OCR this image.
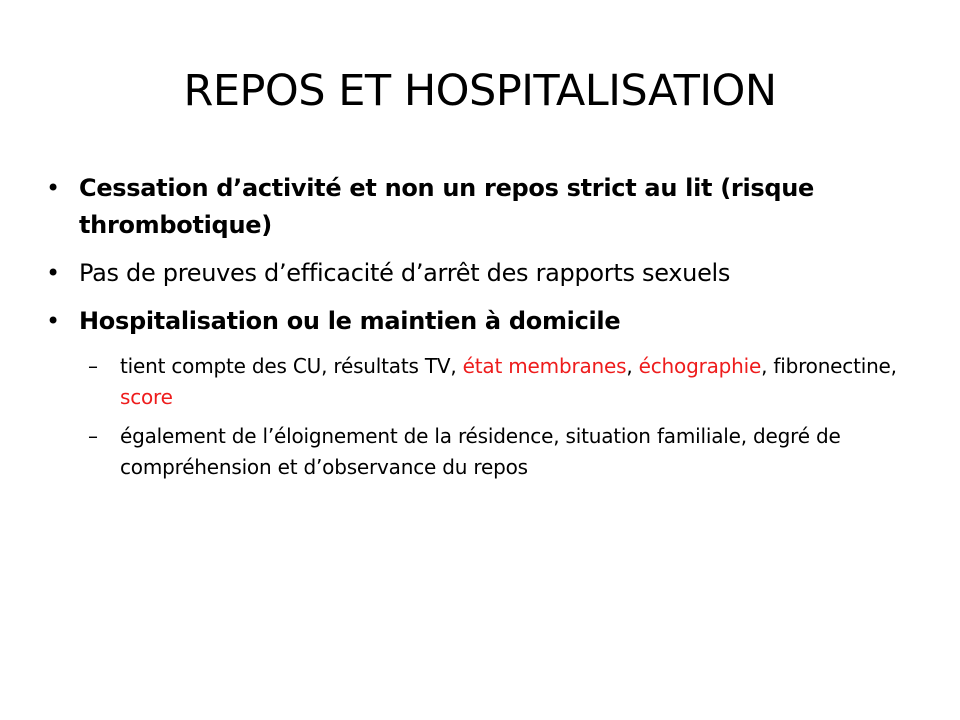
REPOS ET HOSPITALISATION
• Cessation d’activité et non un repos strict au lit (risque thrombotique)
• Pas de preuves d’efficacité d’arrêt des rapports sexuels
• Hospitalisation ou le maintien à domicile
– tient compte des CU, résultats TV, état membranes, échographie, fibronectine, score
– également de l’éloignement de la résidence, situation familiale, degré de compréhension et d’observance du repos
